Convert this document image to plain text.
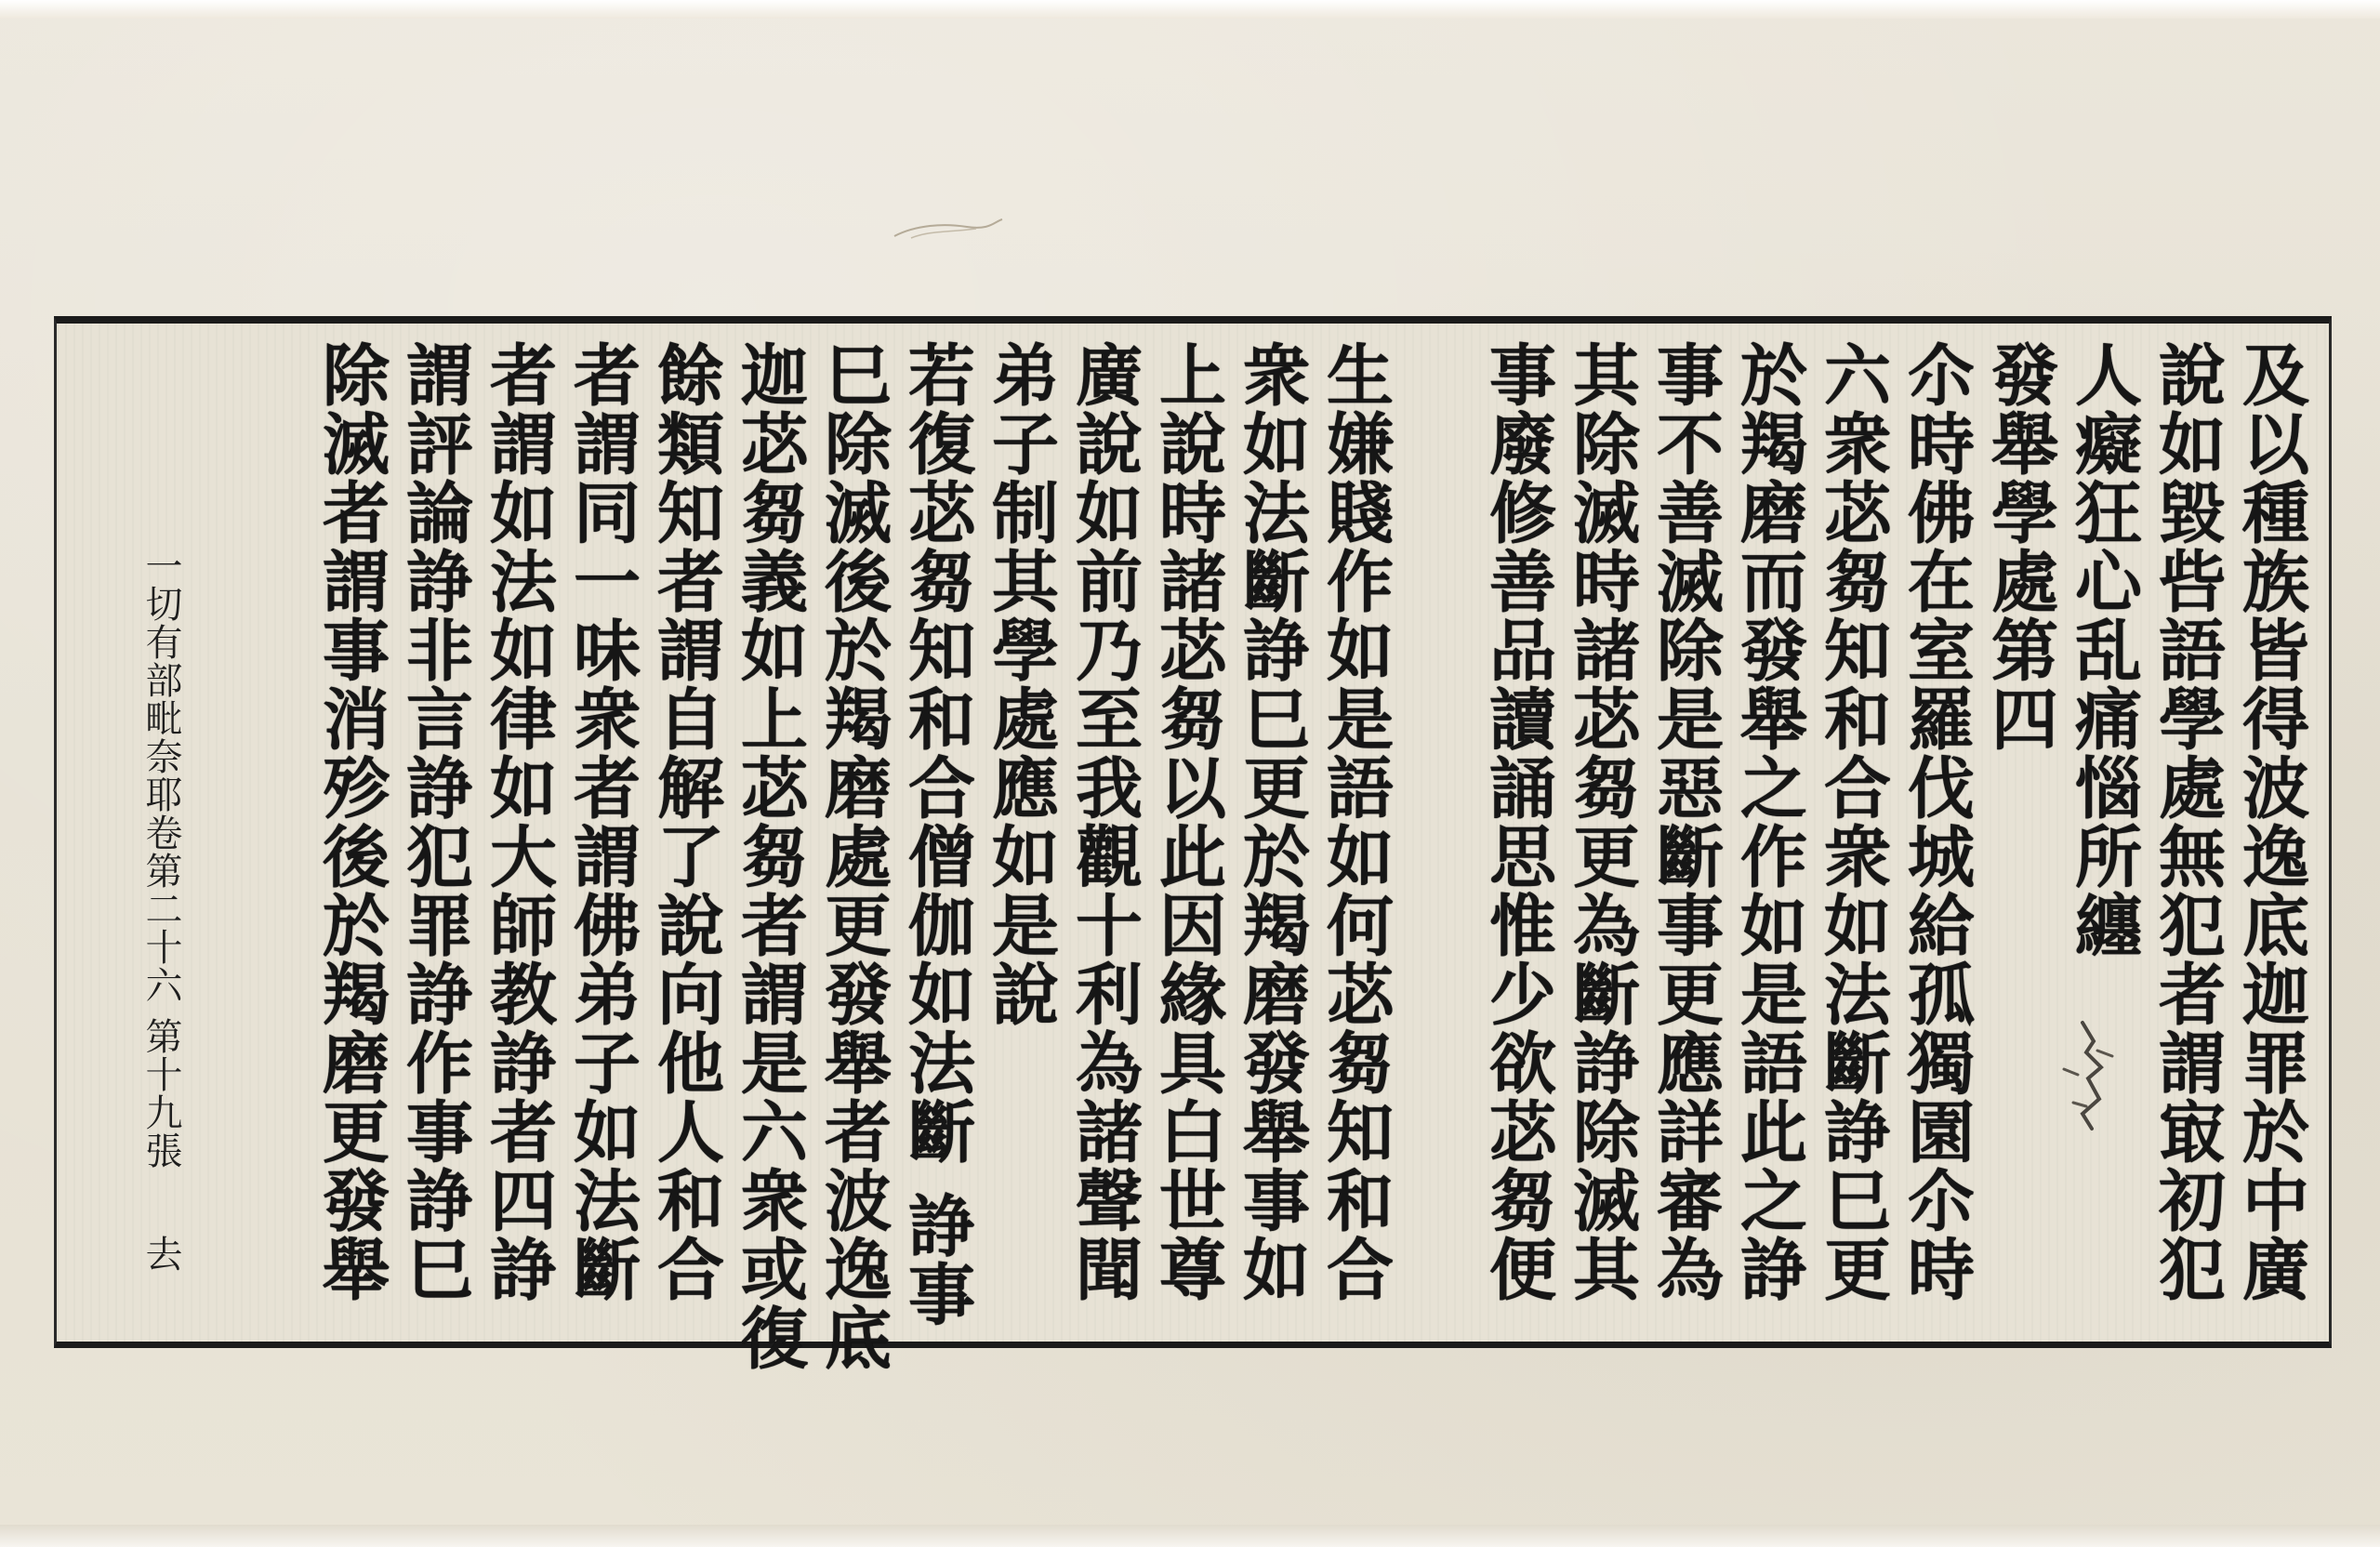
及以種族皆得波逸底迦罪於中廣
說如毀呰語學處無犯者謂㝡初犯
人癡狂心乱痛惱所纏
發舉學處第四
尒時佛在室羅伐城給孤獨園尒時
六衆苾芻知和合衆如法斷諍巳更
於羯磨而發舉之作如是語此之諍
事不善滅除是惡斷事更應詳審為
其除滅時諸苾芻更為斷諍除滅其
事廢修善品讀誦思惟少欲苾芻便
生嫌賤作如是語如何苾芻知和合
衆如法斷諍巳更於羯磨發舉事如
上說時諸苾芻以此因緣具白世尊
廣說如前乃至我觀十利為諸聲聞
弟子制其學處應如是說
若復苾芻知和合僧伽如法斷 諍事
巳除滅後於羯磨處更發舉者波逸底
迦苾芻義如上苾芻者謂是六衆或復
餘類知者謂自解了說向他人和合
者謂同一味衆者謂佛弟子如法斷
者謂如法如律如大師教諍者四諍
謂評論諍非言諍犯罪諍作事諍巳
除滅者謂事消殄後於羯磨更發舉
一切有部毗奈耶卷第二十六 第十九張
去
